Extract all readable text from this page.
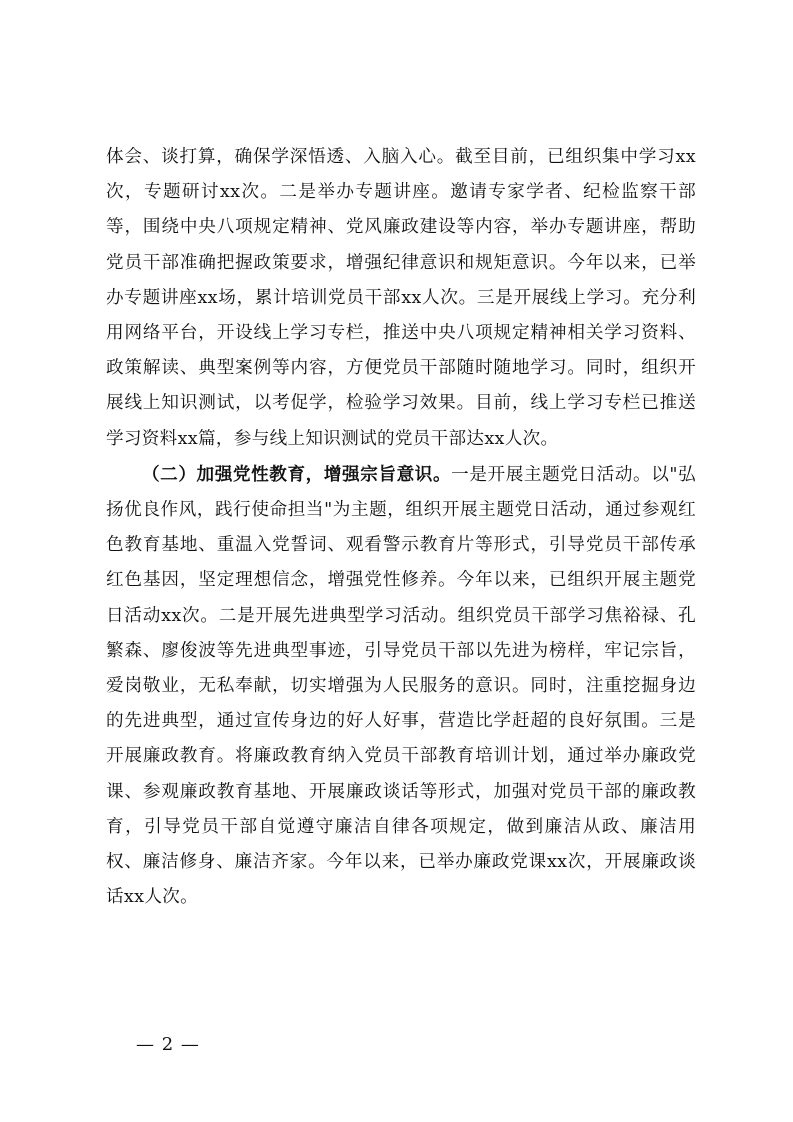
体会、谈打算，确保学深悟透、入脑入心。截至目前，已组织集中学习xx次，专题研讨xx次。二是举办专题讲座。邀请专家学者、纪检监察干部等，围绕中央八项规定精神、党风廉政建设等内容，举办专题讲座，帮助党员干部准确把握政策要求，增强纪律意识和规矩意识。今年以来，已举办专题讲座xx场，累计培训党员干部xx人次。三是开展线上学习。充分利用网络平台，开设线上学习专栏，推送中央八项规定精神相关学习资料、政策解读、典型案例等内容，方便党员干部随时随地学习。同时，组织开展线上知识测试，以考促学，检验学习效果。目前，线上学习专栏已推送学习资料xx篇，参与线上知识测试的党员干部达xx人次。

（二）加强党性教育，增强宗旨意识。一是开展主题党日活动。以"弘扬优良作风，践行使命担当"为主题，组织开展主题党日活动，通过参观红色教育基地、重温入党誓词、观看警示教育片等形式，引导党员干部传承红色基因，坚定理想信念，增强党性修养。今年以来，已组织开展主题党日活动xx次。二是开展先进典型学习活动。组织党员干部学习焦裕禄、孔繁森、廖俊波等先进典型事迹，引导党员干部以先进为榜样，牢记宗旨，爱岗敬业，无私奉献，切实增强为人民服务的意识。同时，注重挖掘身边的先进典型，通过宣传身边的好人好事，营造比学赶超的良好氛围。三是开展廉政教育。将廉政教育纳入党员干部教育培训计划，通过举办廉政党课、参观廉政教育基地、开展廉政谈话等形式，加强对党员干部的廉政教育，引导党员干部自觉遵守廉洁自律各项规定，做到廉洁从政、廉洁用权、廉洁修身、廉洁齐家。今年以来，已举办廉政党课xx次，开展廉政谈话xx人次。

— 2 —
